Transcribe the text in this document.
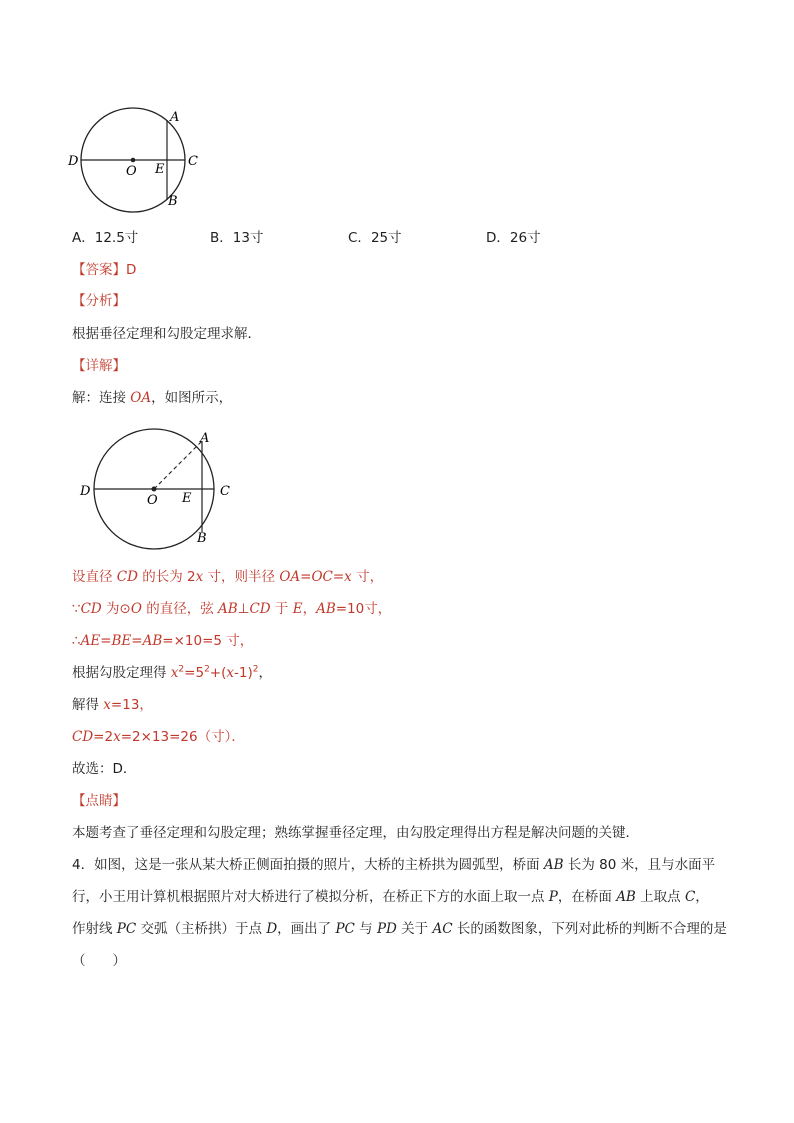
A
B
C
D
O E
A．12.5寸	B．13寸	C．25寸	D．26寸
【答案】D
【分析】
根据垂径定理和勾股定理求解．
【详解】
解：连接 OA，如图所示，
A
B
C
D
O E
设直径 CD 的长为 2x 寸，则半径 OA=OC=x 寸，
∵CD 为⊙O 的直径，弦 AB⊥CD 于 E，AB=10寸，
∴AE=BE=AB=×10=5 寸，
根据勾股定理得 $x^2=5^2+(x-1)^2$，
解得 x=13，
CD=2x=2×13=26（寸）．
故选：D．
【点睛】
本题考查了垂径定理和勾股定理；熟练掌握垂径定理，由勾股定理得出方程是解决问题的关键．
4．如图，这是一张从某大桥正侧面拍摄的照片，大桥的主桥拱为圆弧型，桥面 AB 长为 80 米，且与水面平
行，小王用计算机根据照片对大桥进行了模拟分析，在桥正下方的水面上取一点 P，在桥面 AB 上取点 C，
作射线 PC 交弧（主桥拱）于点 D，画出了 PC 与 PD 关于 AC 长的函数图象，下列对此桥的判断不合理的是
（　　）
